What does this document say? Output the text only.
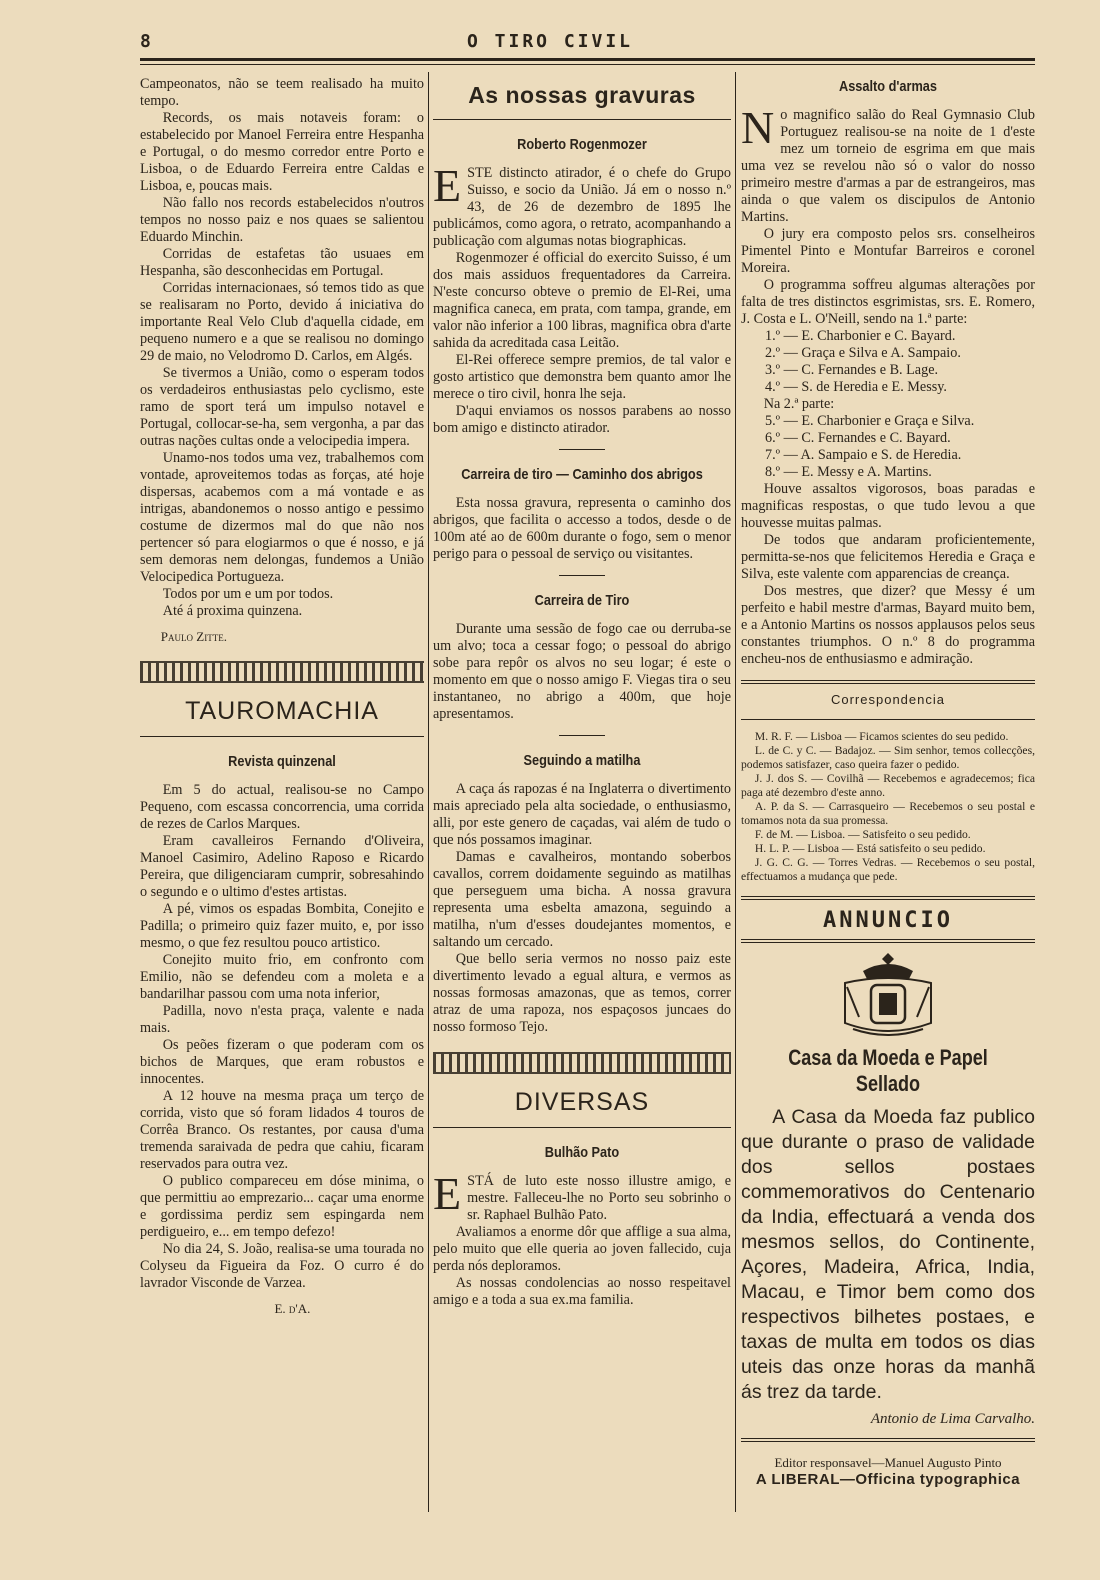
8	O TIRO CIVIL

Campeonatos, não se teem realisado ha muito tempo.

Records, os mais notaveis foram: o estabelecido por Manoel Ferreira entre Hespanha e Portugal, o do mesmo corredor entre Porto e Lisboa, o de Eduardo Ferreira entre Caldas e Lisboa, e, poucas mais.

Não fallo nos records estabelecidos n'outros tempos no nosso paiz e nos quaes se salientou Eduardo Minchin.

Corridas de estafetas tão usuaes em Hespanha, são desconhecidas em Portugal.

Corridas internacionaes, só temos tido as que se realisaram no Porto, devido á iniciativa do importante Real Velo Club d'aquella cidade, em pequeno numero e a que se realisou no domingo 29 de maio, no Velodromo D. Carlos, em Algés.

Se tivermos a União, como o esperam todos os verdadeiros enthusiastas pelo cyclismo, este ramo de sport terá um impulso notavel e Portugal, collocar-se-ha, sem vergonha, a par das outras nações cultas onde a velocipedia impera.

Unamo-nos todos uma vez, trabalhemos com vontade, aproveitemos todas as forças, até hoje dispersas, acabemos com a má vontade e as intrigas, abandonemos o nosso antigo e pessimo costume de dizermos mal do que não nos pertencer só para elogiarmos o que é nosso, e já sem demoras nem delongas, fundemos a União Velocipedica Portugueza.

Todos por um e um por todos.

Até á proxima quinzena.

Paulo Zitte.

TAUROMACHIA
Revista quinzenal

Em 5 do actual, realisou-se no Campo Pequeno, com escassa concorrencia, uma corrida de rezes de Carlos Marques.

Eram cavalleiros Fernando d'Oliveira, Manoel Casimiro, Adelino Raposo e Ricardo Pereira, que diligenciaram cumprir, sobresahindo o segundo e o ultimo d'estes artistas.

A pé, vimos os espadas Bombita, Conejito e Padilla; o primeiro quiz fazer muito, e, por isso mesmo, o que fez resultou pouco artistico.

Conejito muito frio, em confronto com Emilio, não se defendeu com a moleta e a bandarilhar passou com uma nota inferior,

Padilla, novo n'esta praça, valente e nada mais.

Os peões fizeram o que poderam com os bichos de Marques, que eram robustos e innocentes.

A 12 houve na mesma praça um terço de corrida, visto que só foram lidados 4 touros de Corrêa Branco. Os restantes, por causa d'uma tremenda saraivada de pedra que cahiu, ficaram reservados para outra vez.

O publico compareceu em dóse minima, o que permittiu ao emprezario... caçar uma enorme e gordissima perdiz sem espingarda nem perdigueiro, e... em tempo defezo!

No dia 24, S. João, realisa-se uma tourada no Colyseu da Figueira da Foz. O curro é do lavrador Visconde de Varzea.

E. d'A.

As nossas gravuras
Roberto Rogenmozer

ESTE distincto atirador, é o chefe do Grupo Suisso, e socio da União. Já em o nosso n.º 43, de 26 de dezembro de 1895 lhe publicámos, como agora, o retrato, acompanhando a publicação com algumas notas biographicas.

Rogenmozer é official do exercito Suisso, é um dos mais assiduos frequentadores da Carreira. N'este concurso obteve o premio de El-Rei, uma magnifica caneca, em prata, com tampa, grande, em valor não inferior a 100 libras, magnifica obra d'arte sahida da acreditada casa Leitão.

El-Rei offerece sempre premios, de tal valor e gosto artistico que demonstra bem quanto amor lhe merece o tiro civil, honra lhe seja.

D'aqui enviamos os nossos parabens ao nosso bom amigo e distincto atirador.

Carreira de tiro — Caminho dos abrigos

Esta nossa gravura, representa o caminho dos abrigos, que facilita o accesso a todos, desde o de 100m até ao de 600m durante o fogo, sem o menor perigo para o pessoal de serviço ou visitantes.

Carreira de Tiro

Durante uma sessão de fogo cae ou derruba-se um alvo; toca a cessar fogo; o pessoal do abrigo sobe para repôr os alvos no seu logar; é este o momento em que o nosso amigo F. Viegas tira o seu instantaneo, no abrigo a 400m, que hoje apresentamos.

Seguindo a matilha

A caça ás rapozas é na Inglaterra o divertimento mais apreciado pela alta sociedade, o enthusiasmo, alli, por este genero de caçadas, vai além de tudo o que nós possamos imaginar.

Damas e cavalheiros, montando soberbos cavallos, correm doidamente seguindo as matilhas que perseguem uma bicha. A nossa gravura representa uma esbelta amazona, seguindo a matilha, n'um d'esses doudejantes momentos, e saltando um cercado.

Que bello seria vermos no nosso paiz este divertimento levado a egual altura, e vermos as nossas formosas amazonas, que as temos, correr atraz de uma rapoza, nos espaçosos juncaes do nosso formoso Tejo.

DIVERSAS
Bulhão Pato

ESTÁ de luto este nosso illustre amigo, e mestre. Falleceu-lhe no Porto seu sobrinho o sr. Raphael Bulhão Pato.

Avaliamos a enorme dôr que afflige a sua alma, pelo muito que elle queria ao joven fallecido, cuja perda nós deploramos.

As nossas condolencias ao nosso respeitavel amigo e a toda a sua ex.ma familia.

Assalto d'armas

No magnifico salão do Real Gymnasio Club Portuguez realisou-se na noite de 1 d'este mez um torneio de esgrima em que mais uma vez se revelou não só o valor do nosso primeiro mestre d'armas a par de estrangeiros, mas ainda o que valem os discipulos de Antonio Martins.

O jury era composto pelos srs. conselheiros Pimentel Pinto e Montufar Barreiros e coronel Moreira.

O programma soffreu algumas alterações por falta de tres distinctos esgrimistas, srs. E. Romero, J. Costa e L. O'Neill, sendo na 1.ª parte:

1.º — E. Charbonier e C. Bayard.
2.º — Graça e Silva e A. Sampaio.
3.º — C. Fernandes e B. Lage.
4.º — S. de Heredia e E. Messy.

Na 2.ª parte:

5.º — E. Charbonier e Graça e Silva.
6.º — C. Fernandes e C. Bayard.
7.º — A. Sampaio e S. de Heredia.
8.º — E. Messy e A. Martins.

Houve assaltos vigorosos, boas paradas e magnificas respostas, o que tudo levou a que houvesse muitas palmas.

De todos que andaram proficientemente, permitta-se-nos que felicitemos Heredia e Graça e Silva, este valente com apparencias de creança.

Dos mestres, que dizer? que Messy é um perfeito e habil mestre d'armas, Bayard muito bem, e a Antonio Martins os nossos applausos pelos seus constantes triumphos. O n.º 8 do programma encheu-nos de enthusiasmo e admiração.

Correspondencia

M. R. F. — Lisboa — Ficamos scientes do seu pedido.

L. de C. y C. — Badajoz. — Sim senhor, temos collecções, podemos satisfazer, caso queira fazer o pedido.

J. J. dos S. — Covilhã — Recebemos e agradecemos; fica paga até dezembro d'este anno.

A. P. da S. — Carrasqueiro — Recebemos o seu postal e tomamos nota da sua promessa.

F. de M. — Lisboa. — Satisfeito o seu pedido.

H. L. P. — Lisboa — Está satisfeito o seu pedido.

J. G. C. G. — Torres Vedras. — Recebemos o seu postal, effectuamos a mudança que pede.

ANNUNCIO
Casa da Moeda e Papel Sellado

A Casa da Moeda faz publico que durante o praso de validade dos sellos postaes commemorativos do Centenario da India, effectuará a venda dos mesmos sellos, do Continente, Açores, Madeira, Africa, India, Macau, e Timor bem como dos respectivos bilhetes postaes, e taxas de multa em todos os dias uteis das onze horas da manhã ás trez da tarde.

Antonio de Lima Carvalho.
Editor responsavel—Manuel Augusto Pinto
A LIBERAL—Officina typographica
